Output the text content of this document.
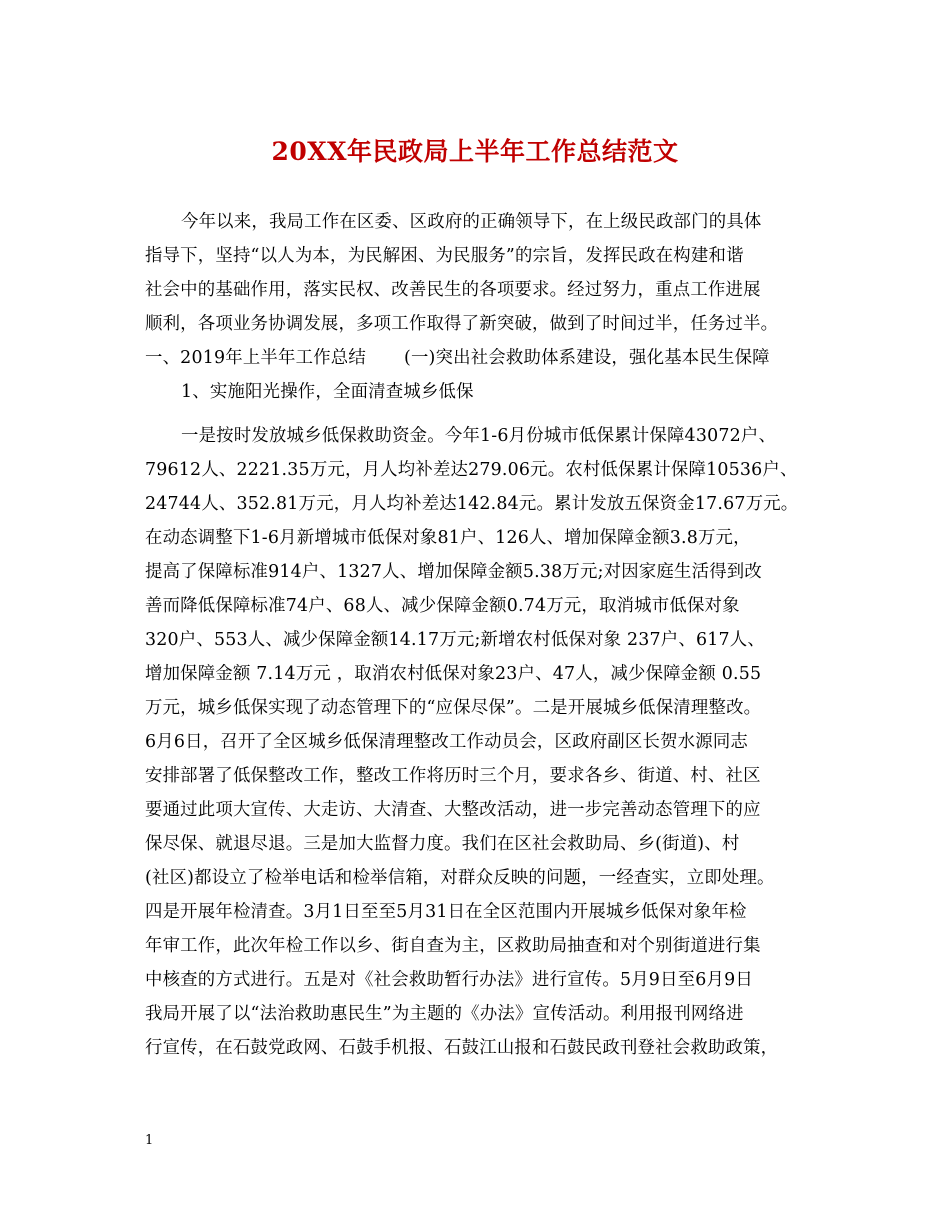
20XX年民政局上半年工作总结范文
今年以来，我局工作在区委、区政府的正确领导下，在上级民政部门的具体
指导下，坚持“以人为本，为民解困、为民服务”的宗旨，发挥民政在构建和谐
社会中的基础作用，落实民权、改善民生的各项要求。经过努力，重点工作进展
顺利，各项业务协调发展，多项工作取得了新突破，做到了时间过半，任务过半。
一、2019年上半年工作总结 (一)突出社会救助体系建设，强化基本民生保障
1、实施阳光操作，全面清查城乡低保
一是按时发放城乡低保救助资金。今年1-6月份城市低保累计保障43072户、
79612人、2221.35万元，月人均补差达279.06元。农村低保累计保障10536户、
24744人、352.81万元，月人均补差达142.84元。累计发放五保资金17.67万元。
在动态调整下1-6月新增城市低保对象81户、126人、增加保障金额3.8万元，
提高了保障标准914户、1327人、增加保障金额5.38万元;对因家庭生活得到改
善而降低保障标准74户、68人、减少保障金额0.74万元，取消城市低保对象
320户、553人、减少保障金额14.17万元;新增农村低保对象 237户、617人、
增加保障金额 7.14万元 ，取消农村低保对象23户、47人，减少保障金额 0.55
万元，城乡低保实现了动态管理下的“应保尽保”。二是开展城乡低保清理整改。
6月6日，召开了全区城乡低保清理整改工作动员会，区政府副区长贺水源同志
安排部署了低保整改工作，整改工作将历时三个月，要求各乡、街道、村、社区
要通过此项大宣传、大走访、大清查、大整改活动，进一步完善动态管理下的应
保尽保、就退尽退。三是加大监督力度。我们在区社会救助局、乡(街道)、村
(社区)都设立了检举电话和检举信箱，对群众反映的问题，一经查实，立即处理。
四是开展年检清查。3月1日至至5月31日在全区范围内开展城乡低保对象年检
年审工作，此次年检工作以乡、街自查为主，区救助局抽查和对个别街道进行集
中核查的方式进行。五是对《社会救助暂行办法》进行宣传。5月9日至6月9日
我局开展了以“法治救助惠民生”为主题的《办法》宣传活动。利用报刊网络进
行宣传，在石鼓党政网、石鼓手机报、石鼓江山报和石鼓民政刊登社会救助政策，
1
